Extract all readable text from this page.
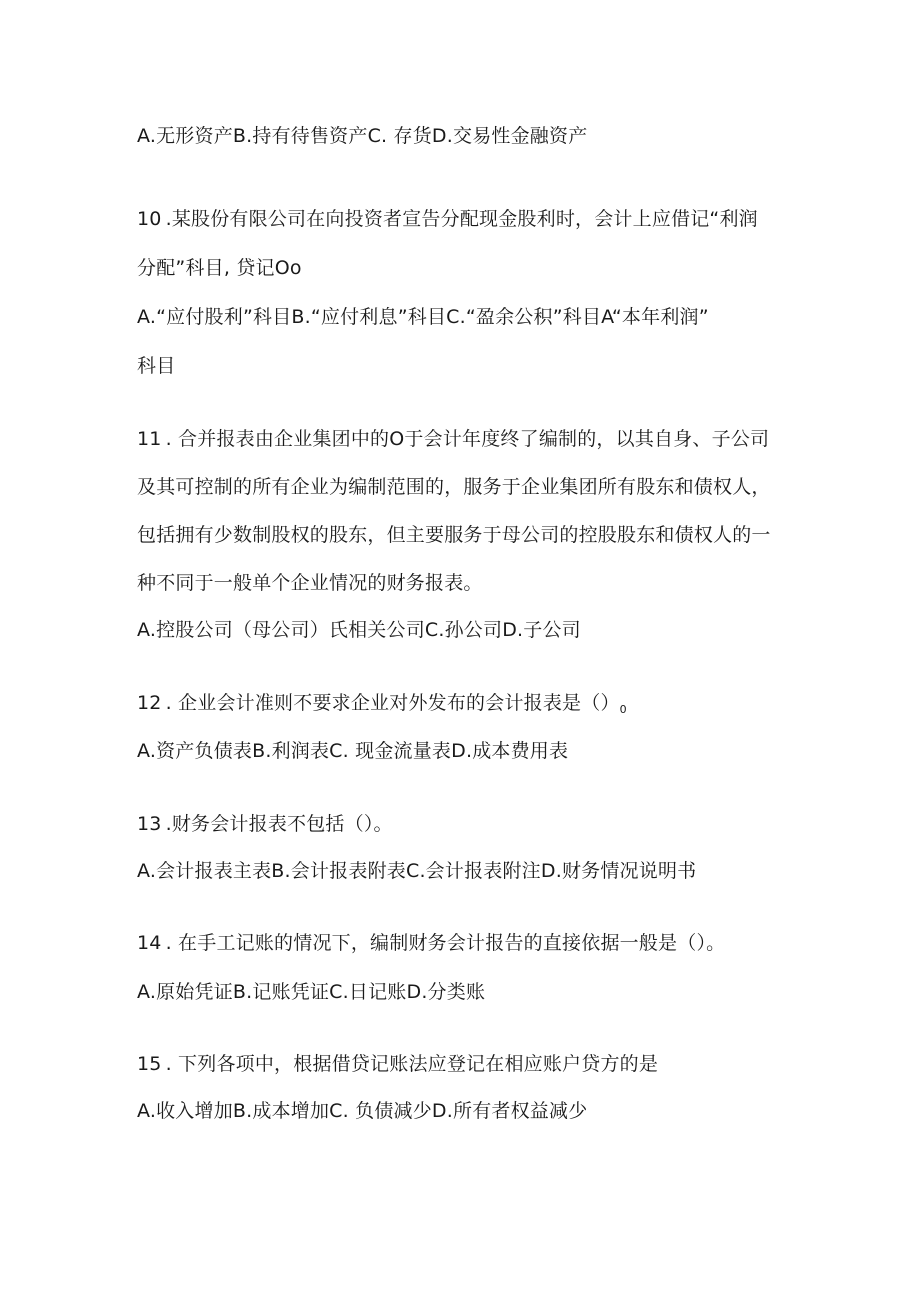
A.无形资产B.持有待售资产C. 存货D.交易性金融资产
10 .某股份有限公司在向投资者宣告分配现金股利时，会计上应借记“利润
分配”科目, 贷记Oo
A.“应付股利”科目B.“应付利息”科目C.“盈余公积”科目A“本年利润”
科目
11 . 合并报表由企业集团中的O于会计年度终了编制的，以其自身、子公司
及其可控制的所有企业为编制范围的，服务于企业集团所有股东和债权人，
包括拥有少数制股权的股东，但主要服务于母公司的控股股东和债权人的一
种不同于一般单个企业情况的财务报表。
A.控股公司（母公司）氏相关公司C.孙公司D.子公司
12 . 企业会计准则不要求企业对外发布的会计报表是$()_0$
A.资产负债表B.利润表C. 现金流量表D.成本费用表
13 .财务会计报表不包括（）。
A.会计报表主表B.会计报表附表C.会计报表附注D.财务情况说明书
14 . 在手工记账的情况下，编制财务会计报告的直接依据一般是（）。
A.原始凭证B.记账凭证C.日记账D.分类账
15 . 下列各项中，根据借贷记账法应登记在相应账户贷方的是
A.收入增加B.成本增加C. 负债减少D.所有者权益减少
